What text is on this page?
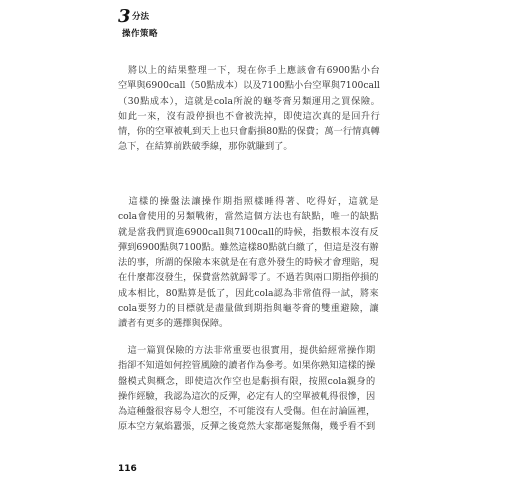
3 分法
操作策略
　將以上的結果整理一下，現在你手上應該會有6900點小台
空單與6900call（50點成本）以及7100點小台空單與7100call
（30點成本），這就是cola所說的龜苓膏另類運用之買保險。
如此一來，沒有設停損也不會被洗掉，即使這次真的是回升行
情，你的空單被軋到天上也只會虧損80點的保費；萬一行情真轉
急下，在結算前跌破季線，那你就賺到了。
　這樣的操盤法讓操作期指照樣睡得著、吃得好，這就是
cola會使用的另類戰術，當然這個方法也有缺點，唯一的缺點
就是當我們買進6900call與7100call的時候，指數根本沒有反
彈到6900點與7100點。雖然這樣80點就白繳了，但這是沒有辦
法的事，所謂的保險本來就是在有意外發生的時候才會理賠，現
在什麼都沒發生，保費當然就歸零了。不過若與兩口期指停損的
成本相比，80點算是低了，因此cola認為非常值得一試，將來
cola要努力的目標就是盡量做到期指與龜苓膏的雙重避險，讓
讀者有更多的選擇與保障。
　這一篇買保險的方法非常重要也很實用，提供給經常操作期
指卻不知道如何控管風險的讀者作為參考。如果你熟知這樣的操
盤模式與概念，即使這次作空也是虧損有限，按照cola親身的
操作經驗，我認為這次的反彈，必定有人的空單被軋得很慘，因
為這種盤很容易令人想空，不可能沒有人受傷。但在討論區裡，
原本空方氣焰囂張，反彈之後竟然大家都毫髮無傷，幾乎看不到
116
